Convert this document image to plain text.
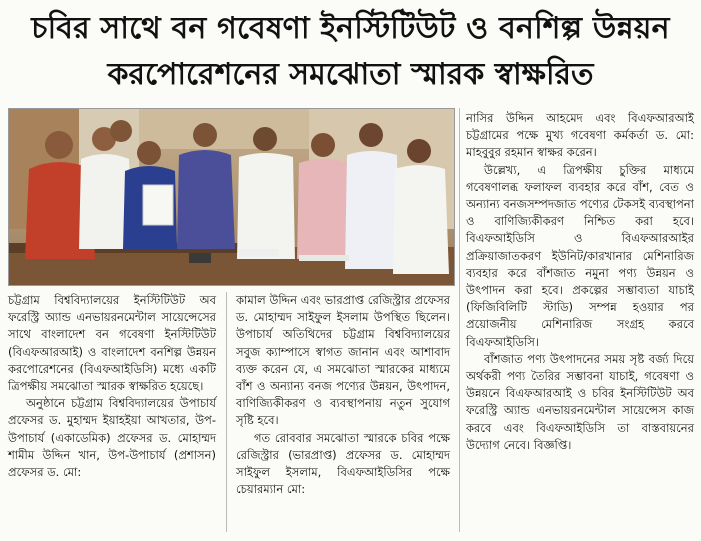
চবির সাথে বন গবেষণা ইনস্টিটিউট ও বনশিল্প উন্নয়ন
করপোরেশনের সমঝোতা স্মারক স্বাক্ষরিত

চট্টগ্রাম বিশ্ববিদ্যালয়ের ইনস্টিটিউট অব ফরেস্ট্রি অ্যান্ড এনভায়রনমেন্টাল সায়েন্সেসের সাথে বাংলাদেশ বন গবেষণা ইনস্টিটিউট (বিএফআরআই) ও বাংলাদেশ বনশিল্প উন্নয়ন করপোরেশনের (বিএফআইডিসি) মধ্যে একটি ত্রিপক্ষীয় সমঝোতা স্মারক স্বাক্ষরিত হয়েছে।

অনুষ্ঠানে চট্টগ্রাম বিশ্ববিদ্যালয়ের উপাচার্য প্রফেসর ড. মুহাম্মদ ইয়াহইয়া আখতার, উপ-উপাচার্য (একাডেমিক) প্রফেসর ড. মোহাম্মদ শামীম উদ্দিন খান, উপ-উপাচার্য (প্রশাসন) প্রফেসর ড. মো:

কামাল উদ্দিন এবং ভারপ্রাপ্ত রেজিস্ট্রার প্রফেসর ড. মোহাম্মদ সাইফুল ইসলাম উপস্থিত ছিলেন। উপাচার্য অতিথিদের চট্টগ্রাম বিশ্ববিদ্যালয়ের সবুজ ক্যাম্পাসে স্বাগত জানান এবং আশাবাদ ব্যক্ত করেন যে, এ সমঝোতা স্মারকের মাধ্যমে বাঁশ ও অন্যান্য বনজ পণ্যের উন্নয়ন, উৎপাদন, বাণিজ্যিকীকরণ ও ব্যবস্থাপনায় নতুন সুযোগ সৃষ্টি হবে।

গত রোববার সমঝোতা স্মারকে চবির পক্ষে রেজিস্ট্রার (ভারপ্রাপ্ত) প্রফেসর ড. মোহাম্মদ সাইফুল ইসলাম, বিএফআইডিসির পক্ষে চেয়ারম্যান মো:

নাসির উদ্দিন আহমেদ এবং বিএফআরআই চট্টগ্রামের পক্ষে মুখ্য গবেষণা কর্মকর্তা ড. মো: মাহবুবুর রহমান স্বাক্ষর করেন।

উল্লেখ্য, এ ত্রিপক্ষীয় চুক্তির মাধ্যমে গবেষণালব্ধ ফলাফল ব্যবহার করে বাঁশ, বেত ও অন্যান্য বনজসম্পদজাত পণ্যের টেকসই ব্যবস্থাপনা ও বাণিজ্যিকীকরণ নিশ্চিত করা হবে। বিএফআইডিসি ও বিএফআরআইর প্রক্রিয়াজাতকরণ ইউনিট/কারখানার মেশিনারিজ ব্যবহার করে বাঁশজাত নমুনা পণ্য উন্নয়ন ও উৎপাদন করা হবে। প্রকল্পের সম্ভাব্যতা যাচাই (ফিজিবিলিটি স্টাডি) সম্পন্ন হওয়ার পর প্রয়োজনীয় মেশিনারিজ সংগ্রহ করবে বিএফআইডিসি।

বাঁশজাত পণ্য উৎপাদনের সময় সৃষ্ট বর্জ্য দিয়ে অর্থকরী পণ্য তৈরির সম্ভাবনা যাচাই, গবেষণা ও উন্নয়নে বিএফআরআই ও চবির ইনস্টিটিউট অব ফরেস্ট্রি অ্যান্ড এনভায়রনমেন্টাল সায়েন্সেস কাজ করবে এবং বিএফআইডিসি তা বাস্তবায়নের উদ্যোগ নেবে। বিজ্ঞপ্তি।
